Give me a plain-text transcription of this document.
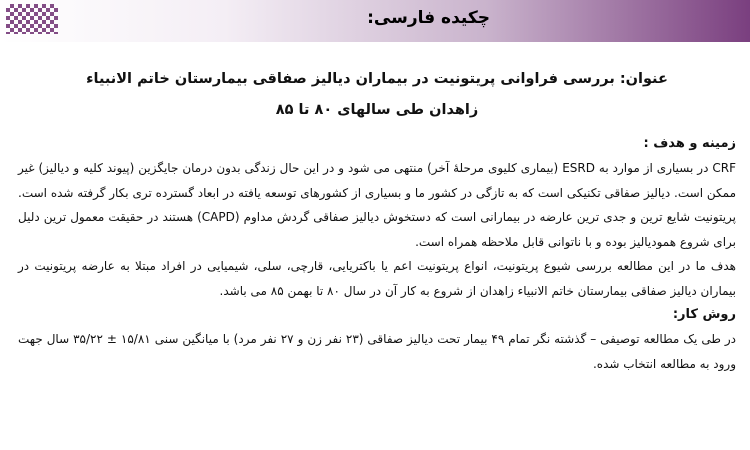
چکیده فارسی:
عنوان: بررسی فراوانی پریتونیت در بیماران دیالیز صفاقی بیمارستان خاتم الانبیاء
زاهدان طی سالهای ۸۰ تا ۸۵

زمینه و هدف :

CRF در بسیاری از موارد به ESRD (بیماری کلیوی مرحلهٔ آخر) منتهی می شود و در این حال زندگی بدون درمان جایگزین (پیوند کلیه و دیالیز) غیر ممکن است. دیالیز صفاقی تکنیکی است که به تازگی در کشور ما و بسیاری از کشورهای توسعه یافته در ابعاد گسترده تری بکار گرفته شده است. پریتونیت شایع ترین و جدی ترین عارضه در بیمارانی است که دستخوش دیالیز صفاقی گردش مداوم (CAPD) هستند در حقیقت معمول ترین دلیل برای شروع همودیالیز بوده و با ناتوانی قابل ملاحظه همراه است.

هدف ما در این مطالعه بررسی شیوع پریتونیت، انواع پریتونیت اعم یا باکتریایی، قارچی، سلی، شیمیایی در افراد مبتلا به عارضه پریتونیت در بیماران دیالیز صفاقی بیمارستان خاتم الانبیاء زاهدان از شروع به کار آن در سال ۸۰ تا بهمن ۸۵ می باشد.

روش کار:

در طی یک مطالعه توصیفی – گذشته نگر تمام ۴۹ بیمار تحت دیالیز صفاقی (۲۳ نفر زن و ۲۷ نفر مرد) با میانگین سنی ۱۵/۸۱ ± ۳۵/۲۲ سال جهت ورود به مطالعه انتخاب شده.
